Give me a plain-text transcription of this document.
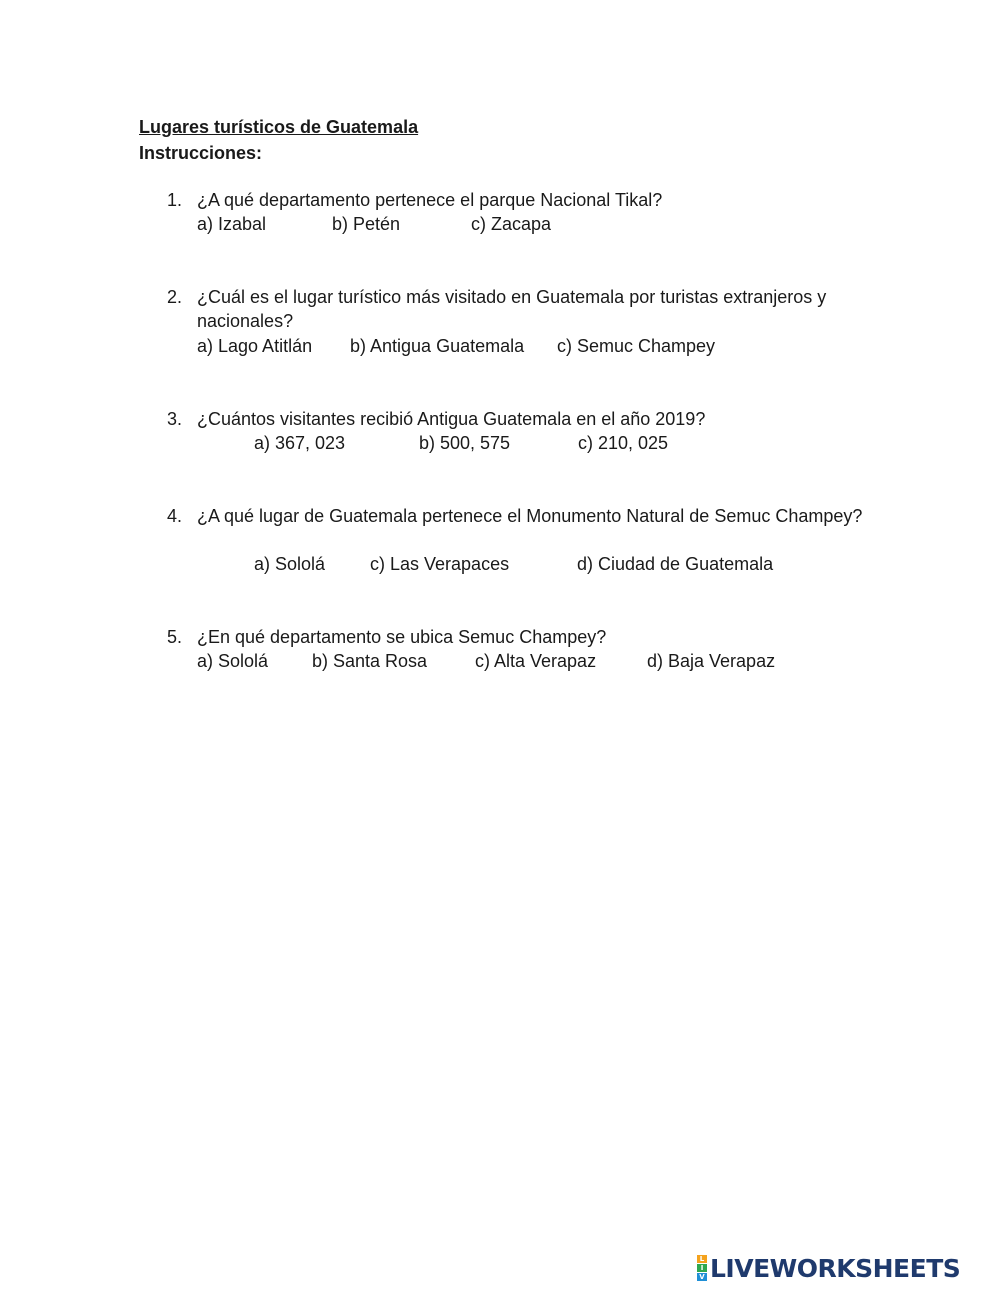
Lugares turísticos de Guatemala
Instrucciones:
1. ¿A qué departamento pertenece el parque Nacional Tikal?
a) Izabal	b) Petén	c) Zacapa
2. ¿Cuál es el lugar turístico más visitado en Guatemala por turistas extranjeros y nacionales?
a) Lago Atitlán b) Antigua Guatemala c) Semuc Champey
3. ¿Cuántos visitantes recibió Antigua Guatemala en el año 2019?
a) 367, 023	b) 500, 575	c) 210, 025
4. ¿A qué lugar de Guatemala pertenece el Monumento Natural de Semuc Champey?
a) Sololá c) Las Verapaces	d) Ciudad de Guatemala
5. ¿En qué departamento se ubica Semuc Champey?
a) Sololá b) Santa Rosa	c) Alta Verapaz	d) Baja Verapaz
L
I
V LIVEWORKSHEETS
